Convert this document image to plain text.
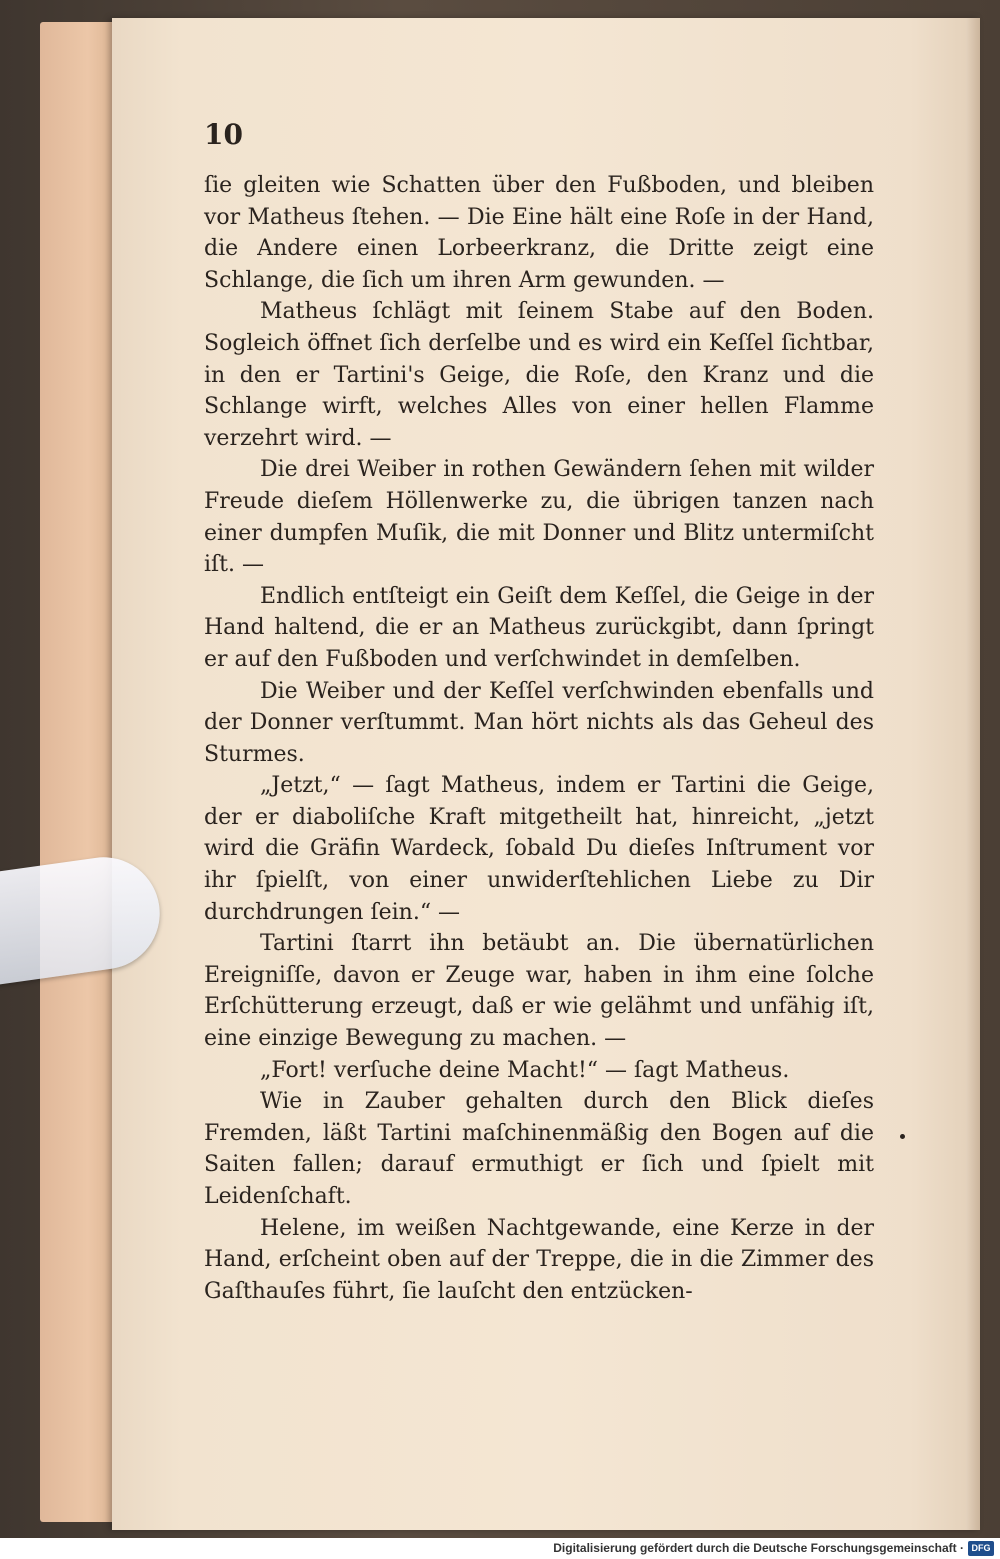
10

ſie gleiten wie Schatten über den Fußboden, und bleiben vor Matheus ſtehen. — Die Eine hält eine Roſe in der Hand, die Andere einen Lorbeerkranz, die Dritte zeigt eine Schlange, die ſich um ihren Arm gewunden. —

Matheus ſchlägt mit ſeinem Stabe auf den Boden. Sogleich öffnet ſich derſelbe und es wird ein Keſſel ſichtbar, in den er Tartini's Geige, die Roſe, den Kranz und die Schlange wirft, welches Alles von einer hellen Flamme verzehrt wird. —

Die drei Weiber in rothen Gewändern ſehen mit wilder Freude dieſem Höllenwerke zu, die übrigen tanzen nach einer dumpfen Muſik, die mit Donner und Blitz untermiſcht iſt. —

Endlich entſteigt ein Geiſt dem Keſſel, die Geige in der Hand haltend, die er an Matheus zurückgibt, dann ſpringt er auf den Fußboden und verſchwindet in demſelben.

Die Weiber und der Keſſel verſchwinden ebenfalls und der Donner verſtummt. Man hört nichts als das Geheul des Sturmes.

„Jetzt,“ — ſagt Matheus, indem er Tartini die Geige, der er diaboliſche Kraft mitgetheilt hat, hinreicht, „jetzt wird die Gräfin Wardeck, ſobald Du dieſes Inſtrument vor ihr ſpielſt, von einer unwiderſtehlichen Liebe zu Dir durchdrungen ſein.“ —

Tartini ſtarrt ihn betäubt an. Die übernatürlichen Ereigniſſe, davon er Zeuge war, haben in ihm eine ſolche Erſchütterung erzeugt, daß er wie gelähmt und unfähig iſt, eine einzige Bewegung zu machen. —

„Fort! verſuche deine Macht!“ — ſagt Matheus.

Wie in Zauber gehalten durch den Blick dieſes Fremden, läßt Tartini maſchinenmäßig den Bogen auf die Saiten fallen; darauf ermuthigt er ſich und ſpielt mit Leidenſchaft.

Helene, im weißen Nachtgewande, eine Kerze in der Hand, erſcheint oben auf der Treppe, die in die Zimmer des Gaſthauſes führt, ſie lauſcht den entzücken-

Digitalisierung gefördert durch die Deutsche Forschungsgemeinschaft · DFG
